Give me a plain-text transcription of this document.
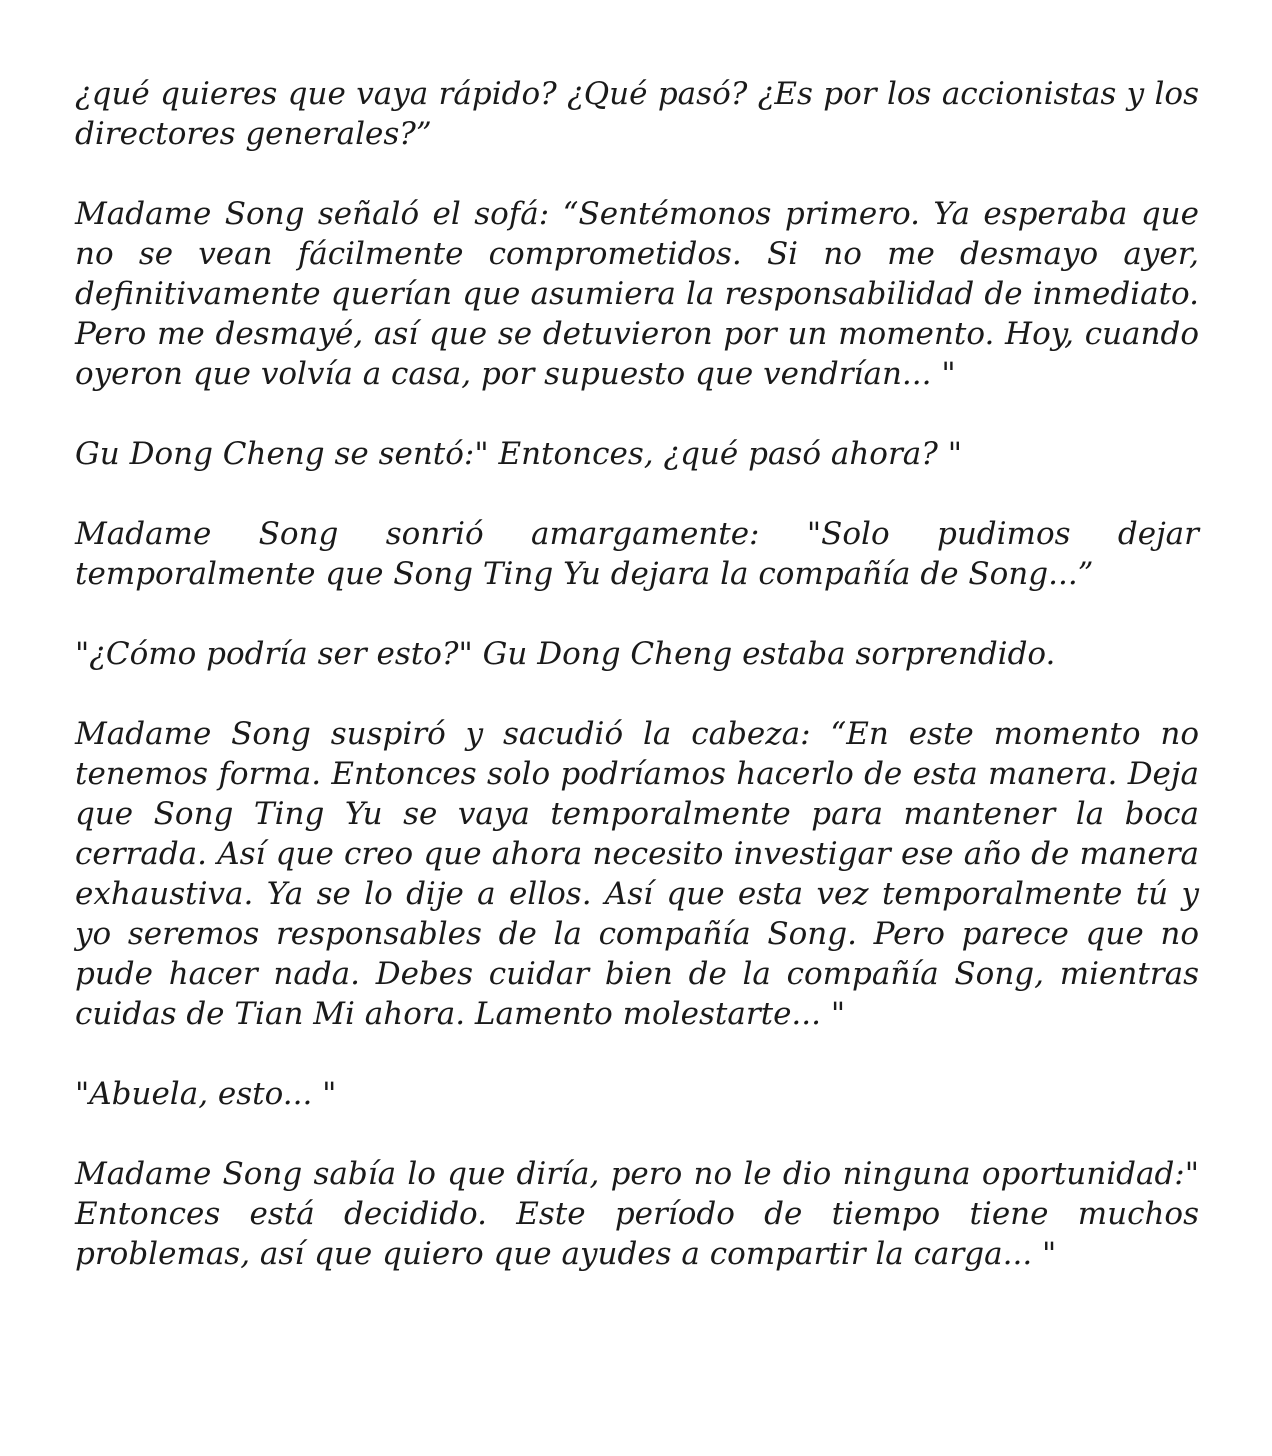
¿qué quieres que vaya rápido? ¿Qué pasó? ¿Es por los accionistas y los directores generales?”

Madame Song señaló el sofá: “Sentémonos primero. Ya esperaba que no se vean fácilmente comprometidos. Si no me desmayo ayer, definitivamente querían que asumiera la responsabilidad de inmediato. Pero me desmayé, así que se detuvieron por un momento. Hoy, cuando oyeron que volvía a casa, por supuesto que vendrían... "

Gu Dong Cheng se sentó:" Entonces, ¿qué pasó ahora? "

Madame Song sonrió amargamente: "Solo pudimos dejar temporalmente que Song Ting Yu dejara la compañía de Song...”

"¿Cómo podría ser esto?" Gu Dong Cheng estaba sorprendido.

Madame Song suspiró y sacudió la cabeza: “En este momento no tenemos forma. Entonces solo podríamos hacerlo de esta manera. Deja que Song Ting Yu se vaya temporalmente para mantener la boca cerrada. Así que creo que ahora necesito investigar ese año de manera exhaustiva. Ya se lo dije a ellos. Así que esta vez temporalmente tú y yo seremos responsables de la compañía Song. Pero parece que no pude hacer nada. Debes cuidar bien de la compañía Song, mientras cuidas de Tian Mi ahora. Lamento molestarte... "

"Abuela, esto... "

Madame Song sabía lo que diría, pero no le dio ninguna oportunidad:" Entonces está decidido. Este período de tiempo tiene muchos problemas, así que quiero que ayudes a compartir la carga... "
